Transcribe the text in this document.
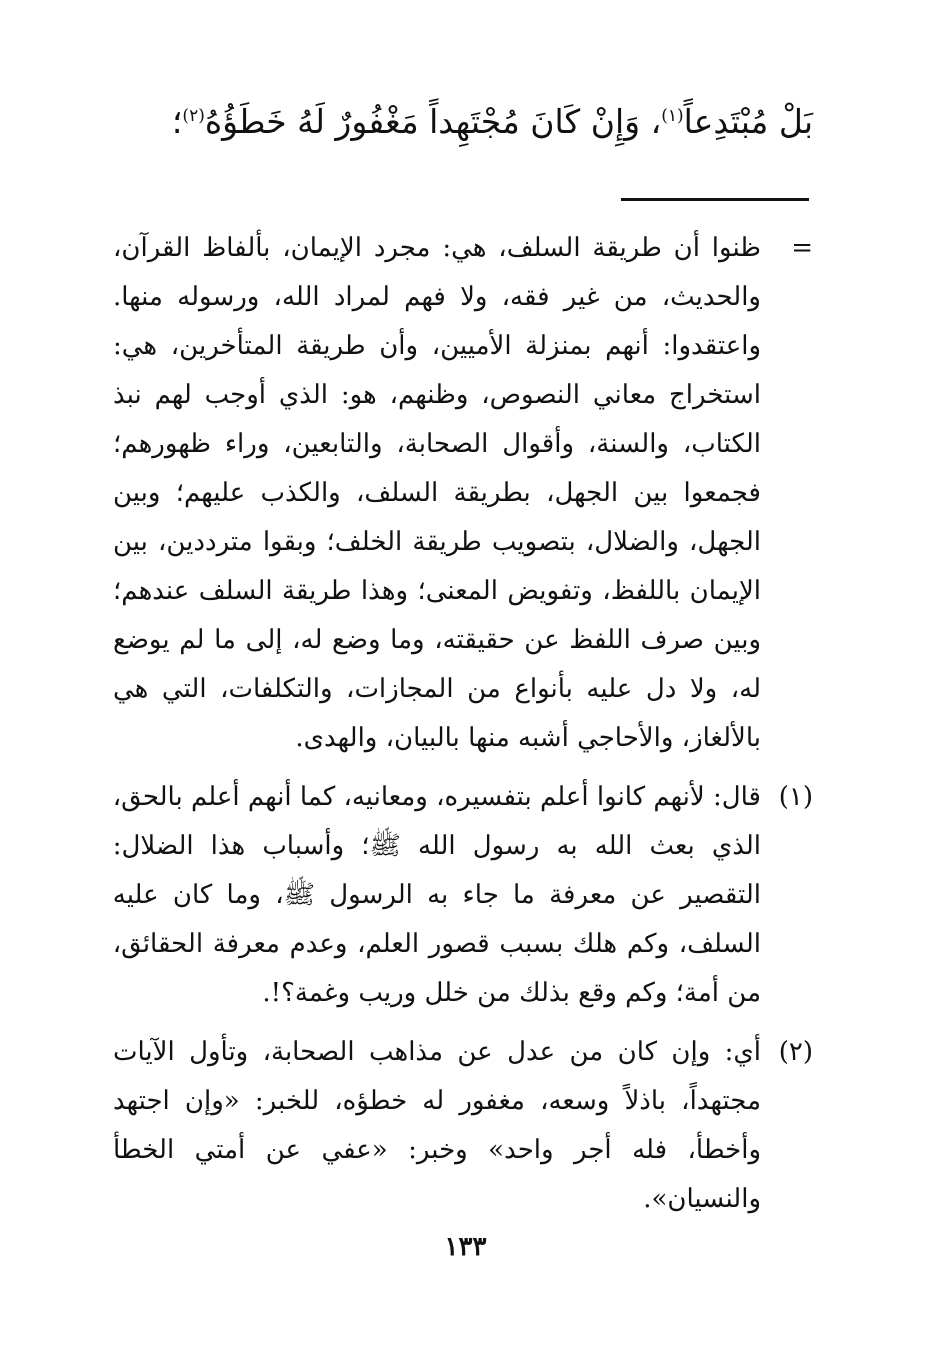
بَلْ مُبْتَدِعاً$^{(١)}$، وَإِنْ كَانَ مُجْتَهِداً مَغْفُورٌ لَهُ خَطَؤُهُ$^{(٢)}$؛
=
ظنوا أن طريقة السلف، هي: مجرد الإيمان، بألفاظ القرآن،
والحديث، من غير فقه، ولا فهم لمراد الله، ورسوله منها.
واعتقدوا: أنهم بمنزلة الأميين، وأن طريقة المتأخرين، هي:
استخراج معاني النصوص، وظنهم، هو: الذي أوجب لهم نبذ
الكتاب، والسنة، وأقوال الصحابة، والتابعين، وراء ظهورهم؛
فجمعوا بين الجهل، بطريقة السلف، والكذب عليهم؛ وبين
الجهل، والضلال، بتصويب طريقة الخلف؛ وبقوا مترددين، بين
الإيمان باللفظ، وتفويض المعنى؛ وهذا طريقة السلف عندهم؛
وبين صرف اللفظ عن حقيقته، وما وضع له، إلى ما لم يوضع
له، ولا دل عليه بأنواع من المجازات، والتكلفات، التي هي
بالألغاز، والأحاجي أشبه منها بالبيان، والهدى.
(١)
قال: لأنهم كانوا أعلم بتفسيره، ومعانيه، كما أنهم أعلم بالحق،
الذي بعث الله به رسول الله ﷺ؛ وأسباب هذا الضلال:
التقصير عن معرفة ما جاء به الرسول ﷺ، وما كان عليه
السلف، وكم هلك بسبب قصور العلم، وعدم معرفة الحقائق،
من أمة؛ وكم وقع بذلك من خلل وريب وغمة؟!.
(٢)
أي: وإن كان من عدل عن مذاهب الصحابة، وتأول الآيات
مجتهداً، باذلاً وسعه، مغفور له خطؤه، للخبر: «وإن اجتهد
وأخطأ، فله أجر واحد» وخبر: «عفي عن أمتي الخطأ
والنسيان».
١٣٣
